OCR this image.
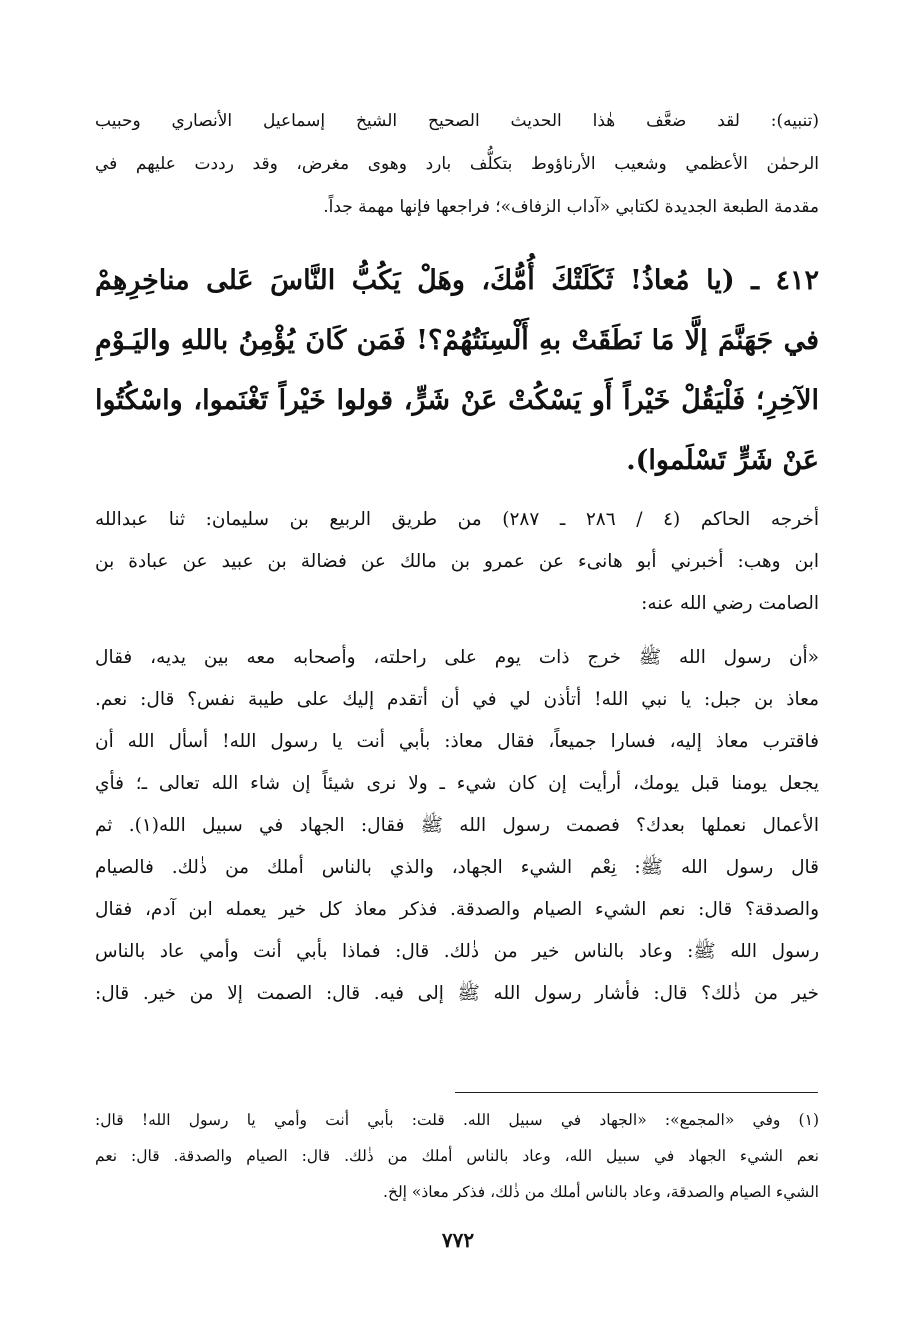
(تنبيه): لقد ضعَّف هٰذا الحديث الصحيح الشيخ إسماعيل الأنصاري وحبيب
الرحمٰن الأعظمي وشعيب الأرناؤوط بتكلُّف بارد وهوى مغرض، وقد رددت عليهم في
مقدمة الطبعة الجديدة لكتابي «آداب الزفاف»؛ فراجعها فإنها مهمة جداً.
٤١٢ ـ (يا مُعاذُ! ثَكَلَتْكَ أُمُّكَ، وهَلْ يَكُبُّ النَّاسَ عَلى مناخِرِهِمْ
في جَهَنَّمَ إلَّا مَا نَطَقَتْ بهِ أَلْسِنَتُهُمْ؟! فَمَن كَانَ يُؤْمِنُ باللهِ واليَـوْمِ
الآخِرِ؛ فَلْيَقُلْ خَيْراً أَو يَسْكُتْ عَنْ شَرٍّ، قولوا خَيْراً تَغْنَموا، واسْكُتُوا
عَنْ شَرٍّ تَسْلَموا).
أخرجه الحاكم (٤ / ٢٨٦ ـ ٢٨٧) من طريق الربيع بن سليمان: ثنا عبدالله
ابن وهب: أخبرني أبو هانىء عن عمرو بن مالك عن فضالة بن عبيد عن عبادة بن
الصامت رضي الله عنه:
«أن رسول الله ﷺ خرج ذات يوم على راحلته، وأصحابه معه بين يديه، فقال
معاذ بن جبل: يا نبي الله! أتأذن لي في أن أتقدم إليك على طيبة نفس؟ قال: نعم.
فاقترب معاذ إليه، فسارا جميعاً، فقال معاذ: بأبي أنت يا رسول الله! أسأل الله أن
يجعل يومنا قبل يومك، أرأيت إن كان شيء ـ ولا نرى شيئاً إن شاء الله تعالى ـ؛ فأي
الأعمال نعملها بعدك؟ فصمت رسول الله ﷺ فقال: الجهاد في سبيل الله(١). ثم
قال رسول الله ﷺ: نِعْم الشيء الجهاد، والذي بالناس أملك من ذٰلك. فالصيام
والصدقة؟ قال: نعم الشيء الصيام والصدقة. فذكر معاذ كل خير يعمله ابن آدم، فقال
رسول الله ﷺ: وعاد بالناس خير من ذٰلك. قال: فماذا بأبي أنت وأمي عاد بالناس
خير من ذٰلك؟ قال: فأشار رسول الله ﷺ إلى فيه. قال: الصمت إلا من خير. قال:
(١) وفي «المجمع»: «الجهاد في سبيل الله. قلت: بأبي أنت وأمي يا رسول الله! قال:
نعم الشيء الجهاد في سبيل الله، وعاد بالناس أملك من ذٰلك. قال: الصيام والصدقة. قال: نعم
الشيء الصيام والصدقة، وعاد بالناس أملك من ذٰلك، فذكر معاذ» إلخ.
٧٧٢
